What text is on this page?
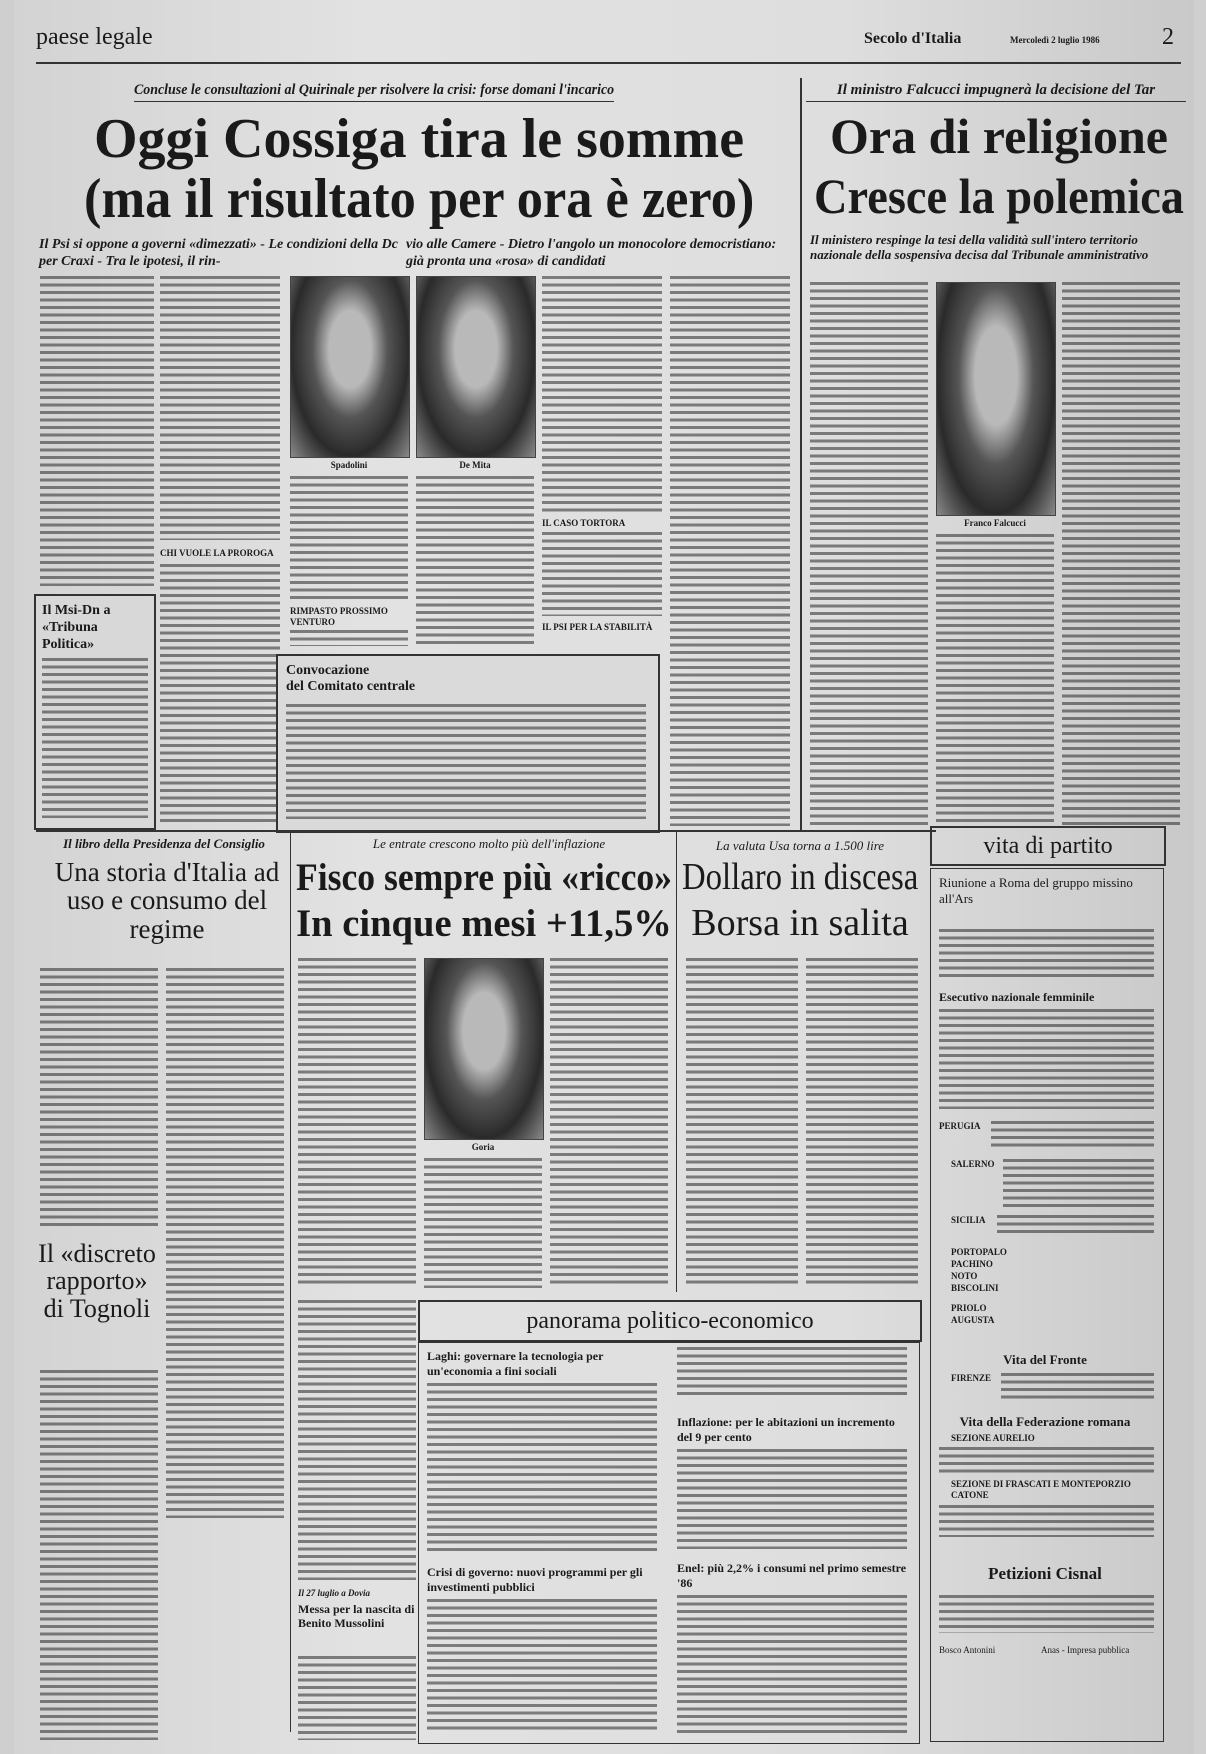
paese legale	Secolo d'Italia	Mercoledì 2 luglio 1986	2
Concluse le consultazioni al Quirinale per risolvere la crisi: forse domani l'incarico
Oggi Cossiga tira le somme
(ma il risultato per ora è zero)
Il Psi si oppone a governi «dimezzati» - Le condizioni della Dc per Craxi - Tra le ipotesi, il rin-
vio alle Camere - Dietro l'angolo un monocolore democristiano: già pronta una «rosa» di candidati
Spadolini	De Mita
CHI VUOLE LA PROROGA
RIMPASTO PROSSIMO VENTURO
IL CASO TORTORA
IL PSI PER LA STABILITÀ
Il Msi-Dn a «Tribuna Politica»
Convocazione
del Comitato centrale
Il ministro Falcucci impugnerà la decisione del Tar
Ora di religione
Cresce la polemica
Il ministero respinge la tesi della validità sull'intero territorio nazionale della sospensiva decisa dal Tribunale amministrativo
Franco Falcucci
Il libro della Presidenza del Consiglio
Una storia d'Italia ad uso e consumo del regime
Il «discreto rapporto» di Tognoli
Le entrate crescono molto più dell'inflazione
Fisco sempre più «ricco»
In cinque mesi +11,5%
Goria
La valuta Usa torna a 1.500 lire
Dollaro in discesa
Borsa in salita
Il 27 luglio a Dovia
Messa per la nascita di Benito Mussolini
panorama politico-economico
Laghi: governare la tecnologia per un'economia a fini sociali
Crisi di governo: nuovi programmi per gli investimenti pubblici
Inflazione: per le abitazioni un incremento del 9 per cento
Enel: più 2,2% i consumi nel primo semestre '86
vita di partito
Riunione a Roma del gruppo missino all'Ars
Esecutivo nazionale femminile
PERUGIA
SALERNO
SICILIA
PORTOPALO
PACHINO
NOTO
BISCOLINI
PRIOLO
AUGUSTA
Vita del Fronte
FIRENZE
Vita della Federazione romana
SEZIONE AURELIO
SEZIONE DI FRASCATI E MONTEPORZIO CATONE
Petizioni Cisnal
Bosco Antonini	Anas - Impresa pubblica
